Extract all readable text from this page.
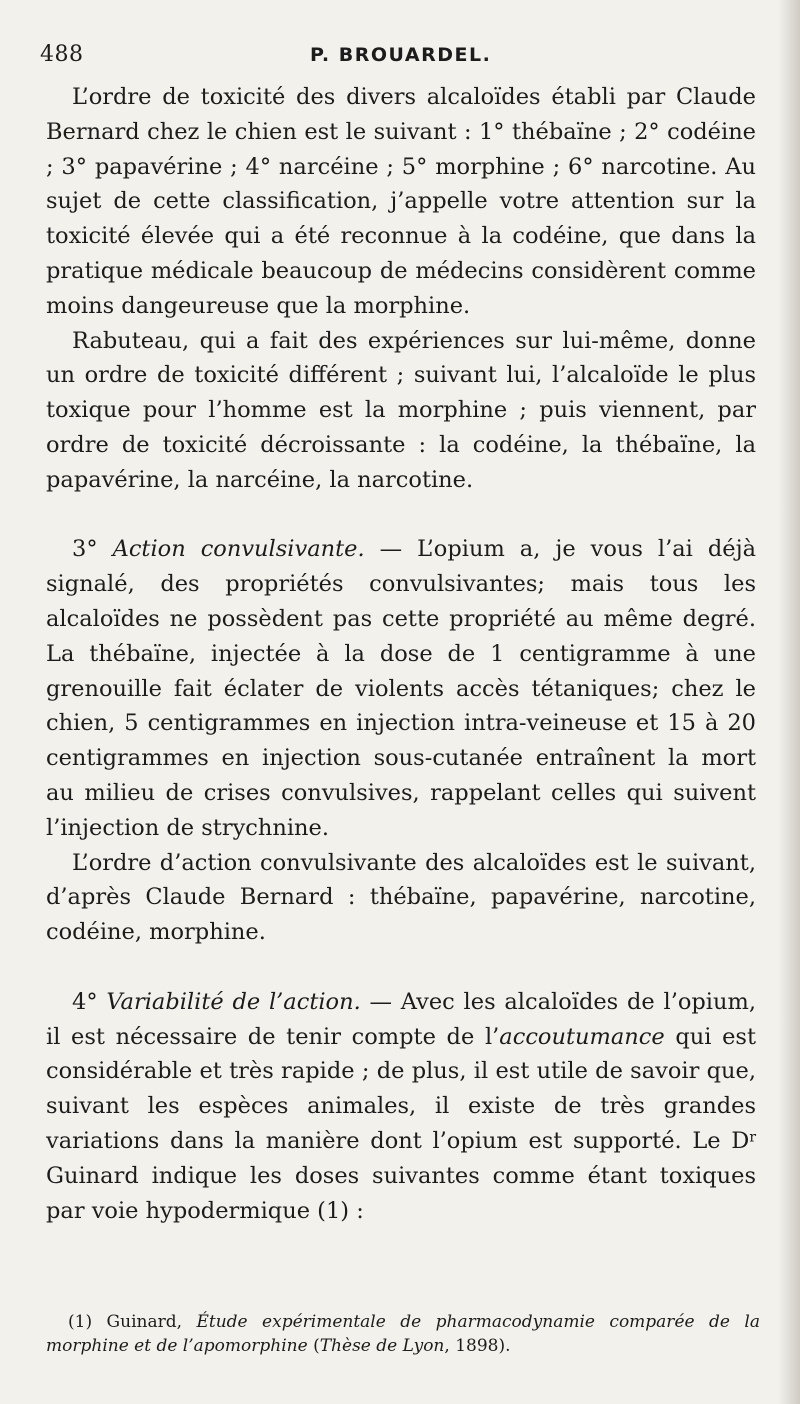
488	P. BROUARDEL.

L’ordre de toxicité des divers alcaloïdes établi par Claude Bernard chez le chien est le suivant : 1° thébaïne ; 2° codéine ; 3° papavérine ; 4° narcéine ; 5° morphine ; 6° narcotine. Au sujet de cette classification, j’appelle votre attention sur la toxicité élevée qui a été reconnue à la codéine, que dans la pratique médicale beaucoup de médecins considèrent comme moins dangeureuse que la morphine.

Rabuteau, qui a fait des expériences sur lui-même, donne un ordre de toxicité différent ; suivant lui, l’alcaloïde le plus toxique pour l’homme est la morphine ; puis viennent, par ordre de toxicité décroissante : la codéine, la thébaïne, la papavérine, la narcéine, la narcotine.

3° Action convulsivante. — L’opium a, je vous l’ai déjà signalé, des propriétés convulsivantes; mais tous les alcaloïdes ne possèdent pas cette propriété au même degré. La thébaïne, injectée à la dose de 1 centigramme à une grenouille fait éclater de violents accès tétaniques; chez le chien, 5 centigrammes en injection intra-veineuse et 15 à 20 centigrammes en injection sous-cutanée entraînent la mort au milieu de crises convulsives, rappelant celles qui suivent l’injection de strychnine.

L’ordre d’action convulsivante des alcaloïdes est le suivant, d’après Claude Bernard : thébaïne, papavérine, narcotine, codéine, morphine.

4° Variabilité de l’action. — Avec les alcaloïdes de l’opium, il est nécessaire de tenir compte de l’accoutumance qui est considérable et très rapide ; de plus, il est utile de savoir que, suivant les espèces animales, il existe de très grandes variations dans la manière dont l’opium est supporté. Le $D^r$ Guinard indique les doses suivantes comme étant toxiques par voie hypodermique (1) :

(1) Guinard, Étude expérimentale de pharmacodynamie comparée de la morphine et de l’apomorphine (Thèse de Lyon, 1898).
